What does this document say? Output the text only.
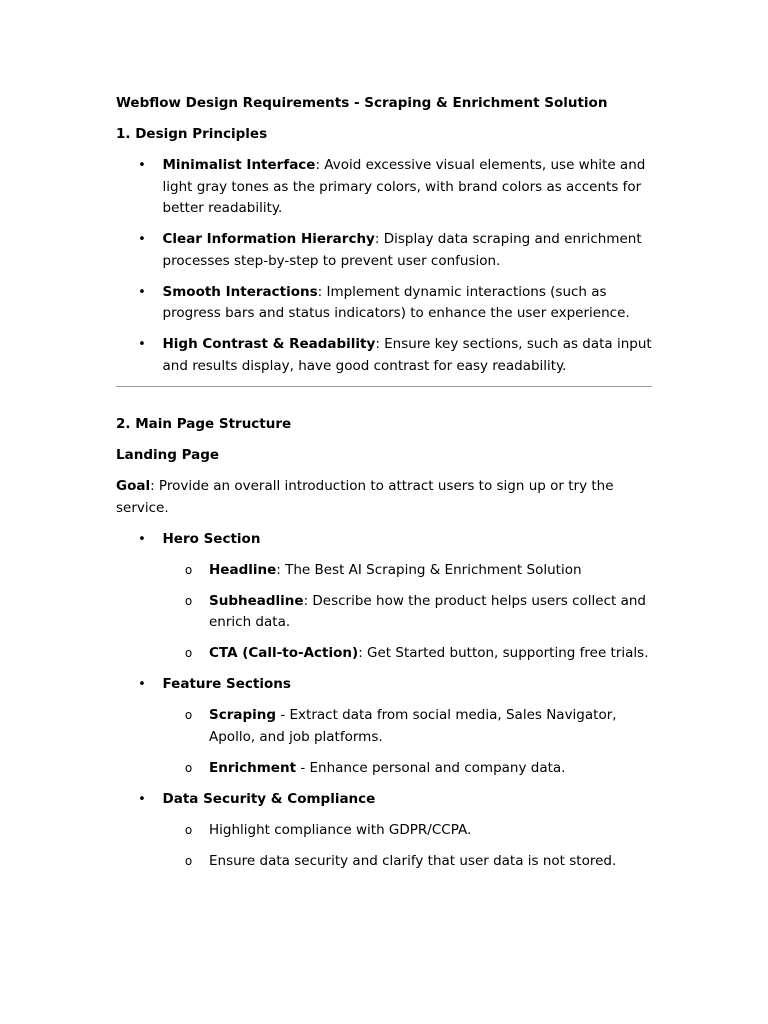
Webflow Design Requirements - Scraping & Enrichment Solution

1. Design Principles

• Minimalist Interface: Avoid excessive visual elements, use white and light gray tones as the primary colors, with brand colors as accents for better readability.
• Clear Information Hierarchy: Display data scraping and enrichment processes step-by-step to prevent user confusion.
• Smooth Interactions: Implement dynamic interactions (such as progress bars and status indicators) to enhance the user experience.
• High Contrast & Readability: Ensure key sections, such as data input and results display, have good contrast for easy readability.

2. Main Page Structure

Landing Page

Goal: Provide an overall introduction to attract users to sign up or try the service.

• Hero Section
o Headline: The Best AI Scraping & Enrichment Solution
o Subheadline: Describe how the product helps users collect and enrich data.
o CTA (Call-to-Action): Get Started button, supporting free trials.
• Feature Sections
o Scraping - Extract data from social media, Sales Navigator, Apollo, and job platforms.
o Enrichment - Enhance personal and company data.
• Data Security & Compliance
o Highlight compliance with GDPR/CCPA.
o Ensure data security and clarify that user data is not stored.
